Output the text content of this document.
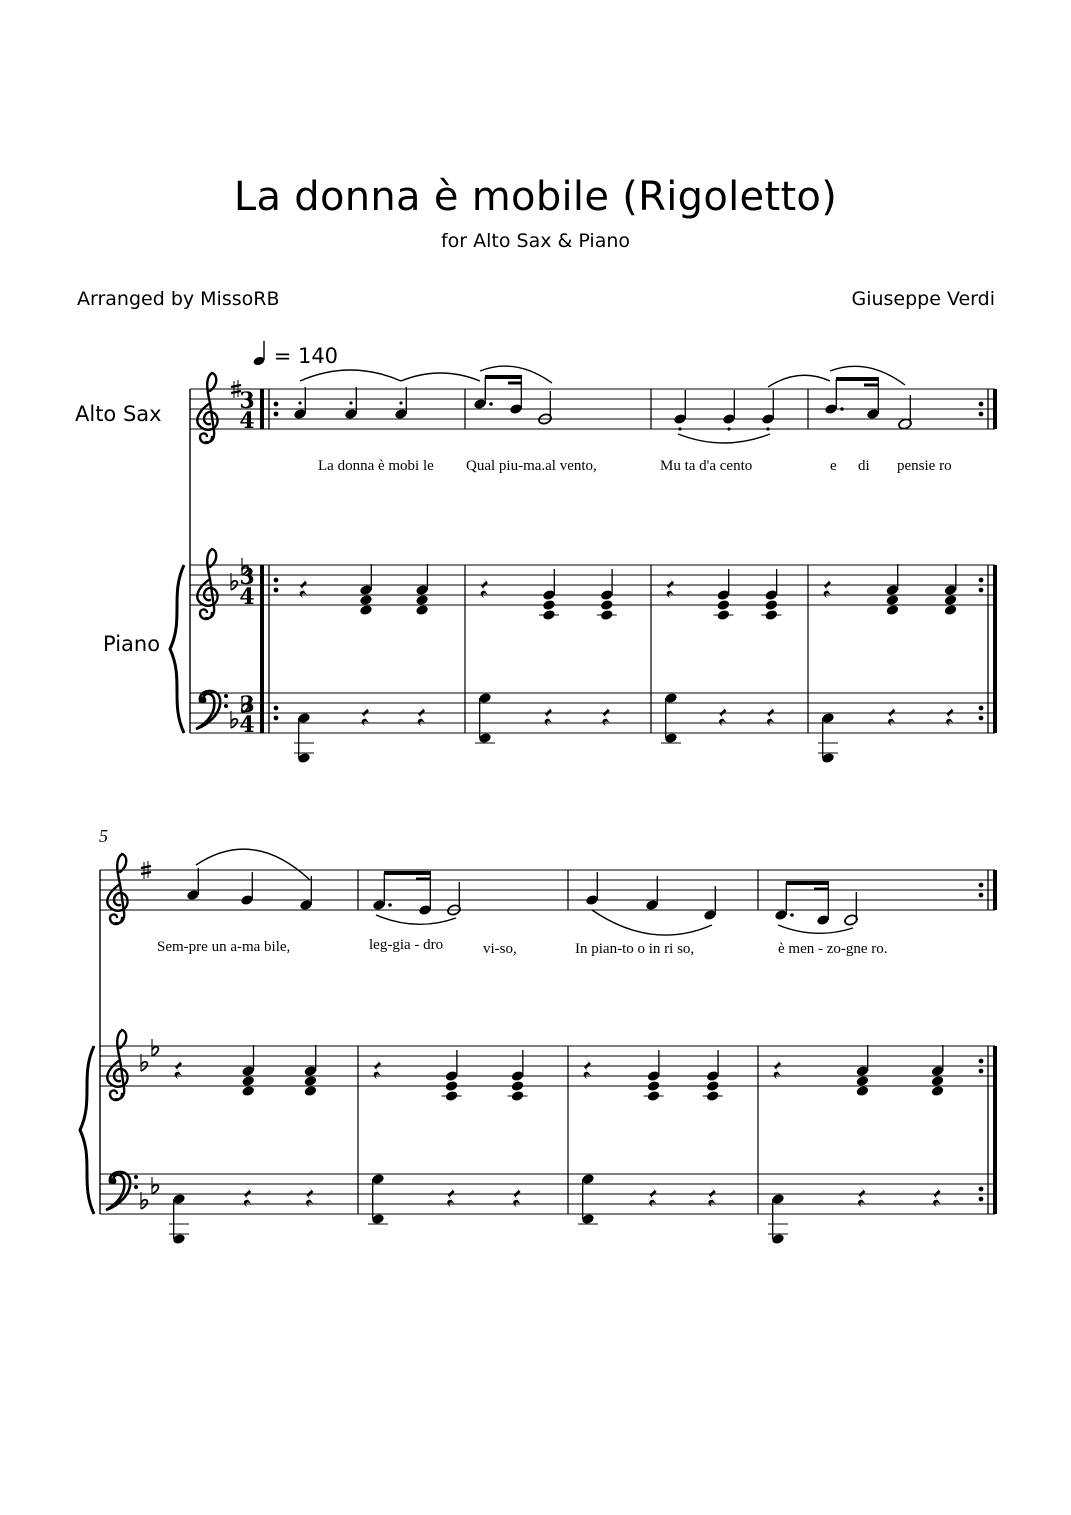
La donna è mobile (Rigoletto)
for Alto Sax & Piano
Arranged by MissoRB	Giuseppe Verdi
= 140
Alto Sax
Piano
5
La donna è mobi le Qual piu-ma.al vento,	Mu ta d'a cento	e di pensie ro
Sem-pre un a-ma bile,	leg-gia - dro	vi-so,	In pian-to o in ri so,	è men - zo-gne ro.
3
4
3
4
3
4
